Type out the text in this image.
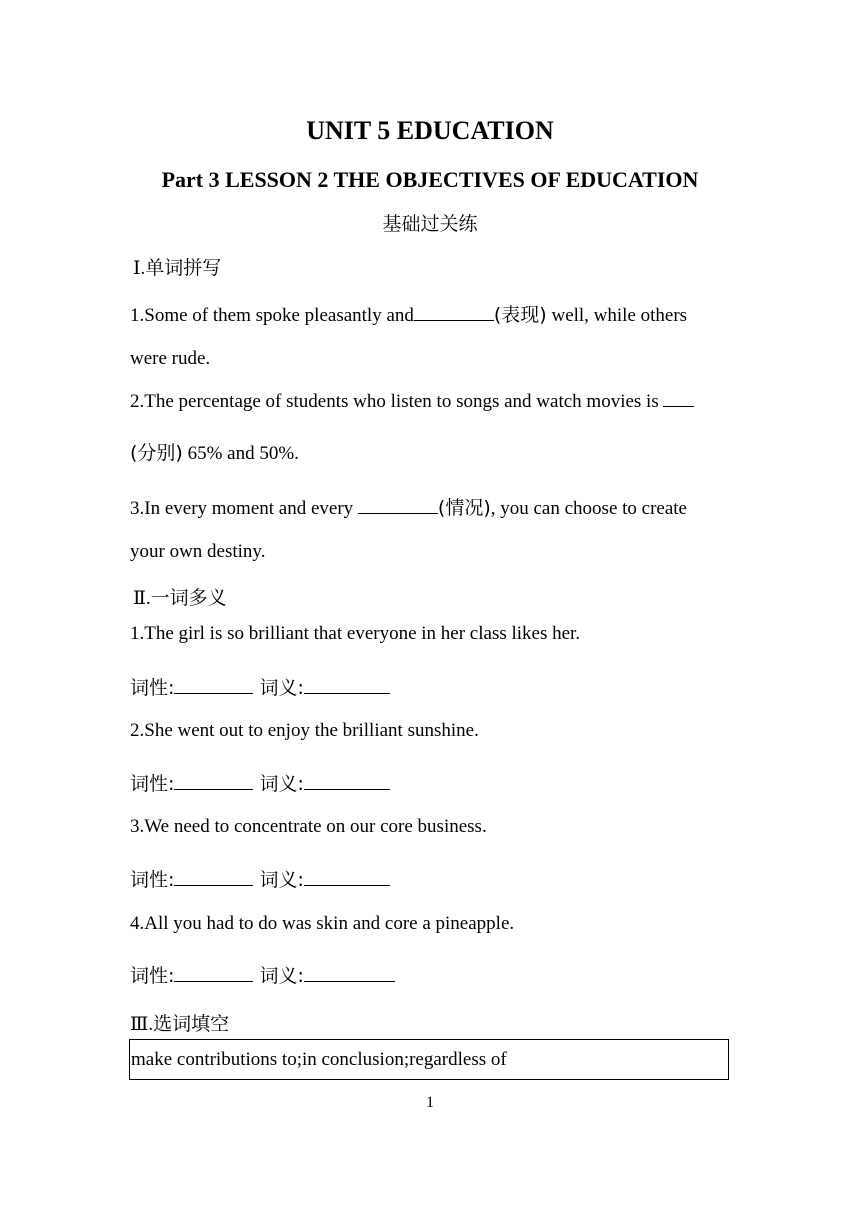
UNIT 5 EDUCATION
Part 3 LESSON 2 THE OBJECTIVES OF EDUCATION
基础过关练
Ⅰ.单词拼写
1.Some of them spoke pleasantly and	(表现) well, while others
were rude.
2.The percentage of students who listen to songs and watch movies is
(分别) 65% and 50%.
3.In every moment and every	(情况), you can choose to create
your own destiny.
Ⅱ.一词多义
1.The girl is so brilliant that everyone in her class likes her.
词性:	词义:
2.She went out to enjoy the brilliant sunshine.
词性:	词义:
3.We need to concentrate on our core business.
词性:	词义:
4.All you had to do was skin and core a pineapple.
词性:	词义:
Ⅲ.选词填空
make contributions to;in conclusion;regardless of
1
